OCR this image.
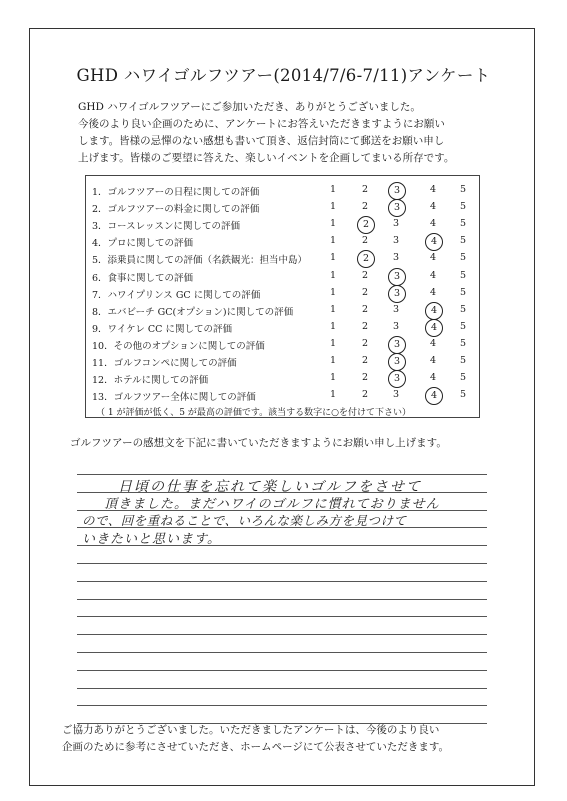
GHD ハワイゴルフツアー(2014/7/6-7/11)アンケート
GHD ハワイゴルフツアーにご参加いただき、ありがとうございました。
今後のより良い企画のために、アンケートにお答えいただきますようにお願い
します。皆様の忌憚のない感想も書いて頂き、返信封筒にて郵送をお願い申し
上げます。皆様のご要望に答えた、楽しいイベントを企画してまいる所存です。
（ 1 が評価が低く、5 が最高の評価です。該当する数字に○を付けて下さい）
1．ゴルフツアーの日程に関しての評価	1	2	3	4	5
2．ゴルフツアーの料金に関しての評価	1	2	3	4	5
3．コースレッスンに関しての評価	1	2	3	4	5
4．プロに関しての評価	1	2	3	4	5
5．添乗員に関しての評価（名鉄観光：担当中島）	1	2	3	4	5
6．食事に関しての評価	1	2	3	4	5
7．ハワイプリンス GC に関しての評価	1	2	3	4	5
8．エバビーチ GC(オプション)に関しての評価	1	2	3	4	5
9．ワイケレ CC に関しての評価	1	2	3	4	5
10．その他のオプションに関しての評価	1	2	3	4	5
11．ゴルフコンペに関しての評価	1	2	3	4	5
12．ホテルに関しての評価	1	2	3	4	5
13．ゴルフツアー全体に関しての評価	1	2	3	4	5
ゴルフツアーの感想文を下記に書いていただきますようにお願い申し上げます。
日頃の仕事を忘れて楽しいゴルフをさせて
頂きました。まだハワイのゴルフに慣れておりません
ので、回を重ねることで、いろんな楽しみ方を見つけて
いきたいと思います。
ご協力ありがとうございました。いただきましたアンケートは、今後のより良い
企画のために参考にさせていただき、ホームページにて公表させていただきます。
